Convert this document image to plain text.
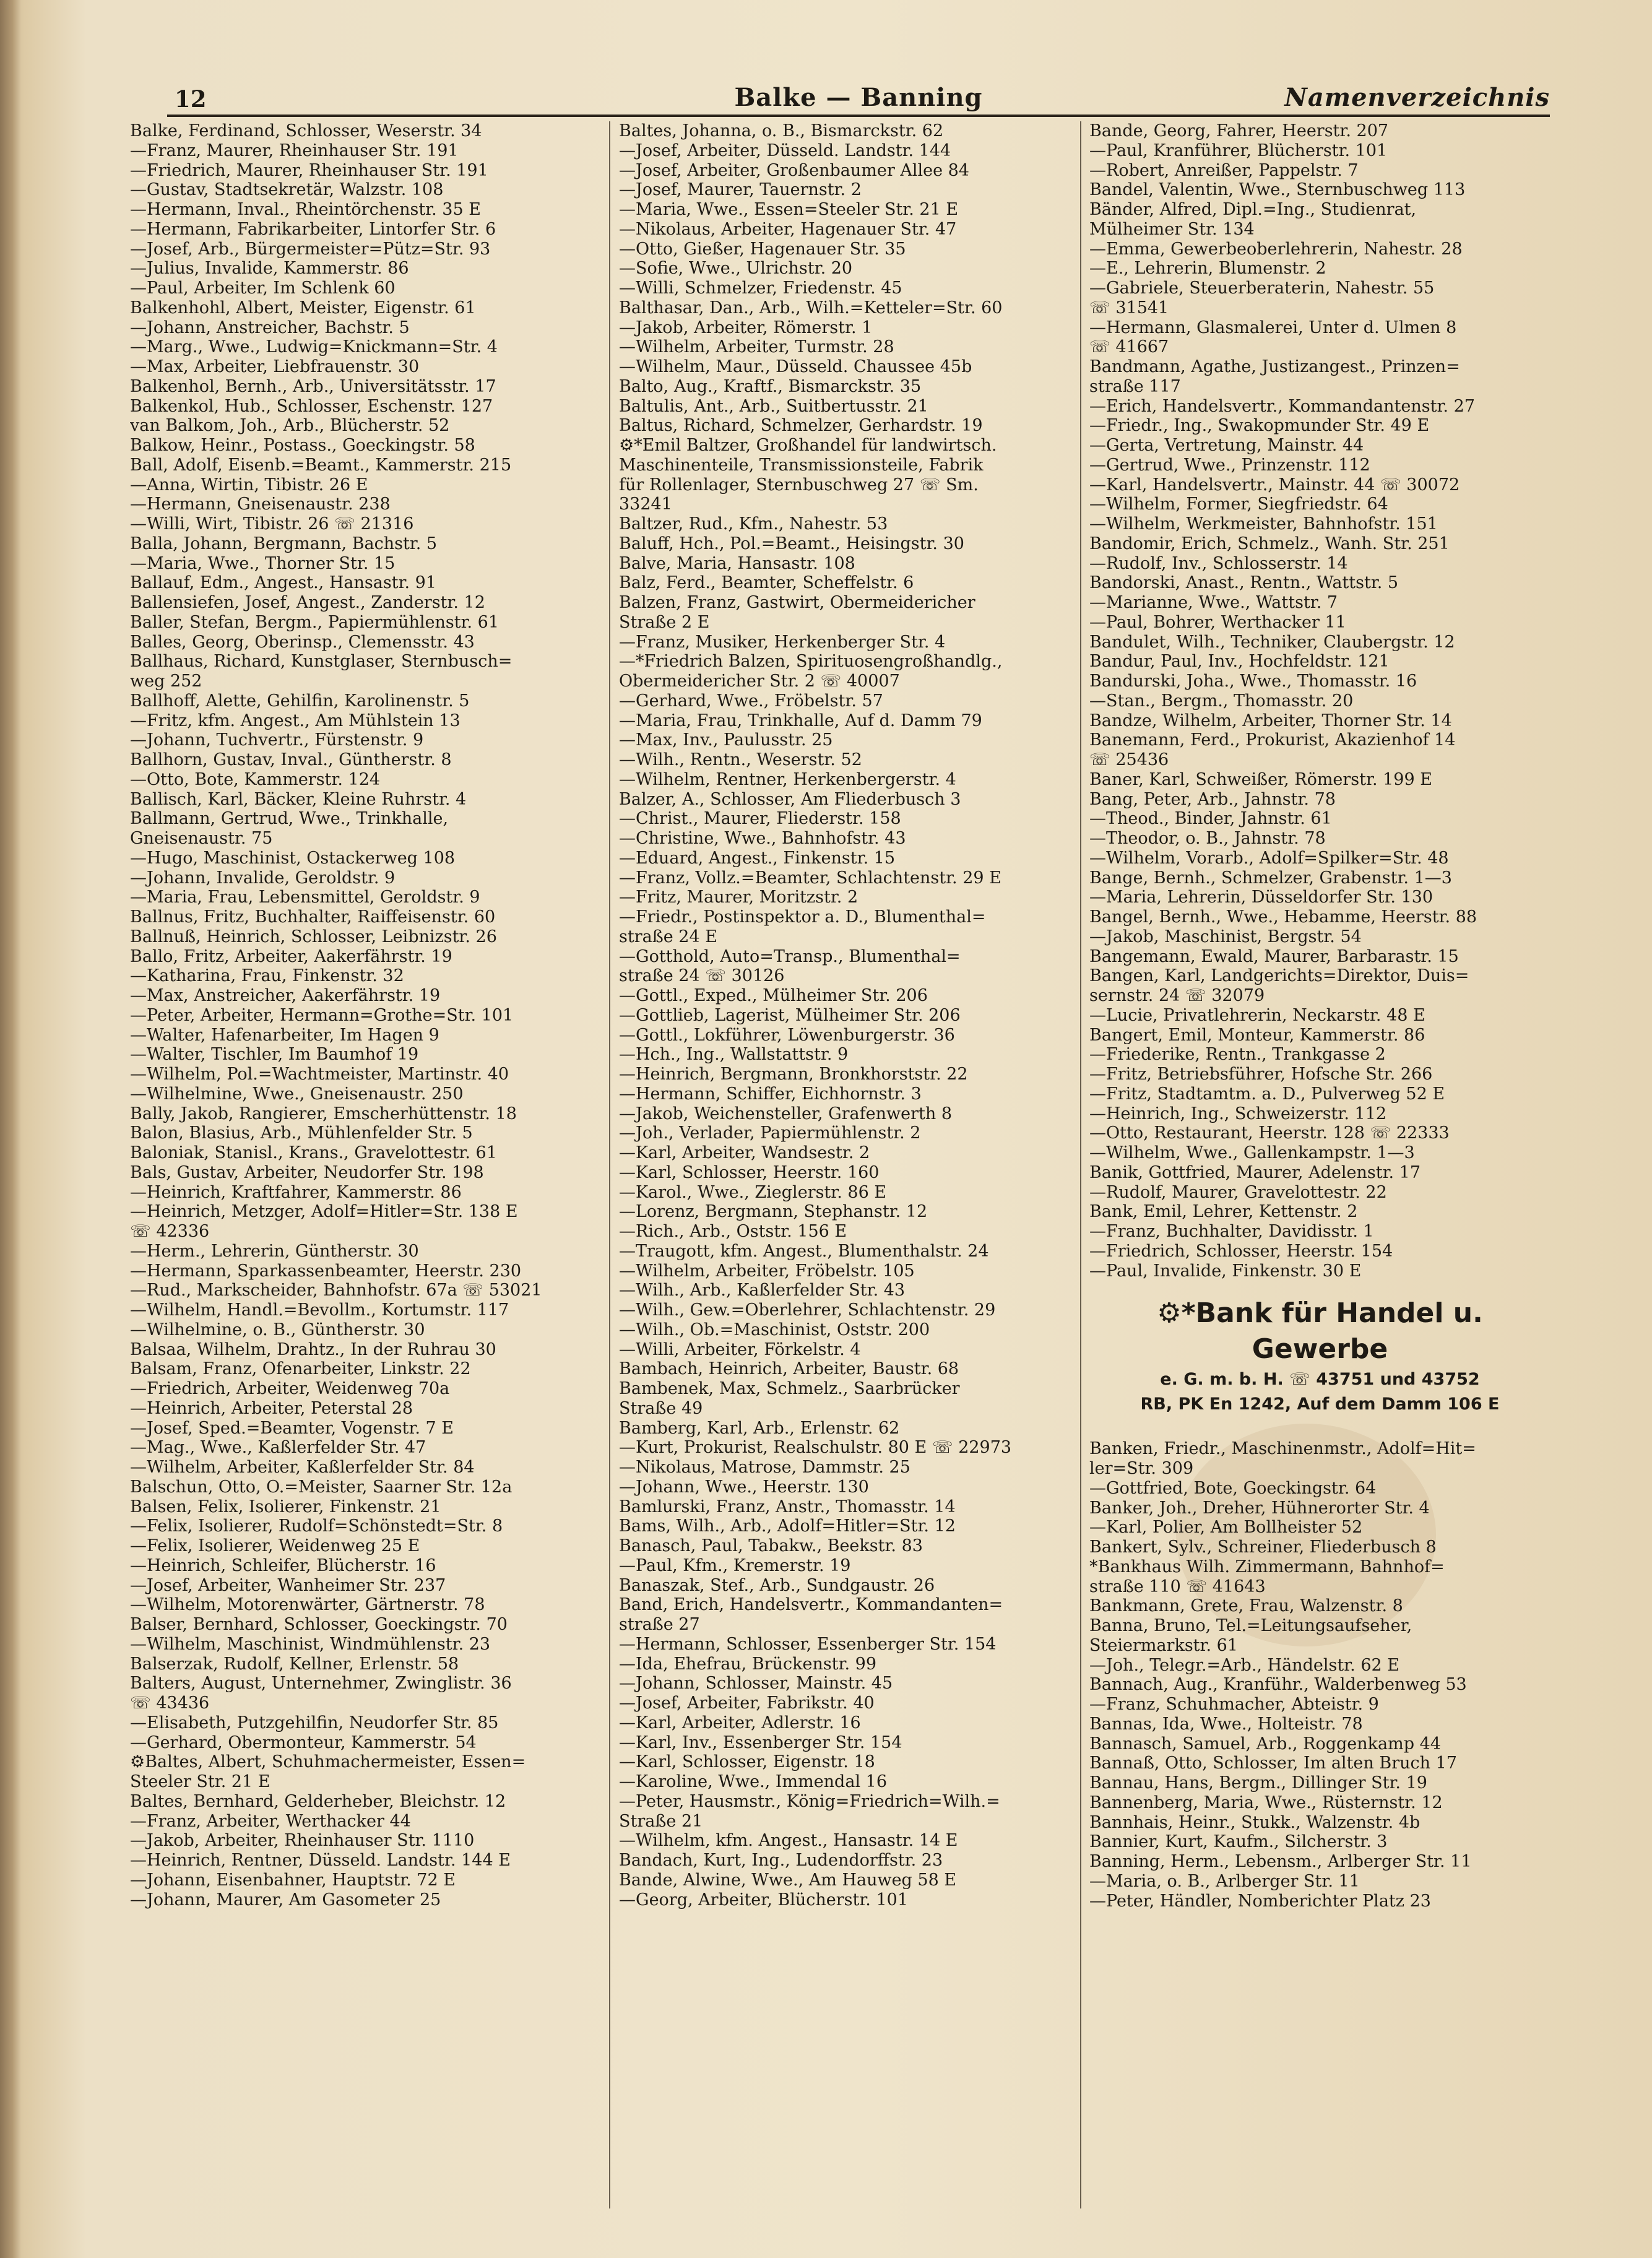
12	Balke — Banning	Namenverzeichnis
Balke, Ferdinand, Schlosser, Weserstr. 34
—Franz, Maurer, Rheinhauser Str. 191
—Friedrich, Maurer, Rheinhauser Str. 191
—Gustav, Stadtsekretär, Walzstr. 108
—Hermann, Inval., Rheintörchenstr. 35 E
—Hermann, Fabrikarbeiter, Lintorfer Str. 6
—Josef, Arb., Bürgermeister=Pütz=Str. 93
—Julius, Invalide, Kammerstr. 86
—Paul, Arbeiter, Im Schlenk 60
Balkenhohl, Albert, Meister, Eigenstr. 61
—Johann, Anstreicher, Bachstr. 5
—Marg., Wwe., Ludwig=Knickmann=Str. 4
—Max, Arbeiter, Liebfrauenstr. 30
Balkenhol, Bernh., Arb., Universitätsstr. 17
Balkenkol, Hub., Schlosser, Eschenstr. 127
van Balkom, Joh., Arb., Blücherstr. 52
Balkow, Heinr., Postass., Goeckingstr. 58
Ball, Adolf, Eisenb.=Beamt., Kammerstr. 215
—Anna, Wirtin, Tibistr. 26 E
—Hermann, Gneisenaustr. 238
—Willi, Wirt, Tibistr. 26 ☏ 21316
Balla, Johann, Bergmann, Bachstr. 5
—Maria, Wwe., Thorner Str. 15
Ballauf, Edm., Angest., Hansastr. 91
Ballensiefen, Josef, Angest., Zanderstr. 12
Baller, Stefan, Bergm., Papiermühlenstr. 61
Balles, Georg, Oberinsp., Clemensstr. 43
Ballhaus, Richard, Kunstglaser, Sternbusch=
weg 252
Ballhoff, Alette, Gehilfin, Karolinenstr. 5
—Fritz, kfm. Angest., Am Mühlstein 13
—Johann, Tuchvertr., Fürstenstr. 9
Ballhorn, Gustav, Inval., Güntherstr. 8
—Otto, Bote, Kammerstr. 124
Ballisch, Karl, Bäcker, Kleine Ruhrstr. 4
Ballmann, Gertrud, Wwe., Trinkhalle,
Gneisenaustr. 75
—Hugo, Maschinist, Ostackerweg 108
—Johann, Invalide, Geroldstr. 9
—Maria, Frau, Lebensmittel, Geroldstr. 9
Ballnus, Fritz, Buchhalter, Raiffeisenstr. 60
Ballnuß, Heinrich, Schlosser, Leibnizstr. 26
Ballo, Fritz, Arbeiter, Aakerfährstr. 19
—Katharina, Frau, Finkenstr. 32
—Max, Anstreicher, Aakerfährstr. 19
—Peter, Arbeiter, Hermann=Grothe=Str. 101
—Walter, Hafenarbeiter, Im Hagen 9
—Walter, Tischler, Im Baumhof 19
—Wilhelm, Pol.=Wachtmeister, Martinstr. 40
—Wilhelmine, Wwe., Gneisenaustr. 250
Bally, Jakob, Rangierer, Emscherhüttenstr. 18
Balon, Blasius, Arb., Mühlenfelder Str. 5
Baloniak, Stanisl., Krans., Gravelottestr. 61
Bals, Gustav, Arbeiter, Neudorfer Str. 198
—Heinrich, Kraftfahrer, Kammerstr. 86
—Heinrich, Metzger, Adolf=Hitler=Str. 138 E
☏ 42336
—Herm., Lehrerin, Güntherstr. 30
—Hermann, Sparkassenbeamter, Heerstr. 230
—Rud., Markscheider, Bahnhofstr. 67a ☏ 53021
—Wilhelm, Handl.=Bevollm., Kortumstr. 117
—Wilhelmine, o. B., Güntherstr. 30
Balsaa, Wilhelm, Drahtz., In der Ruhrau 30
Balsam, Franz, Ofenarbeiter, Linkstr. 22
—Friedrich, Arbeiter, Weidenweg 70a
—Heinrich, Arbeiter, Peterstal 28
—Josef, Sped.=Beamter, Vogenstr. 7 E
—Mag., Wwe., Kaßlerfelder Str. 47
—Wilhelm, Arbeiter, Kaßlerfelder Str. 84
Balschun, Otto, O.=Meister, Saarner Str. 12a
Balsen, Felix, Isolierer, Finkenstr. 21
—Felix, Isolierer, Rudolf=Schönstedt=Str. 8
—Felix, Isolierer, Weidenweg 25 E
—Heinrich, Schleifer, Blücherstr. 16
—Josef, Arbeiter, Wanheimer Str. 237
—Wilhelm, Motorenwärter, Gärtnerstr. 78
Balser, Bernhard, Schlosser, Goeckingstr. 70
—Wilhelm, Maschinist, Windmühlenstr. 23
Balserzak, Rudolf, Kellner, Erlenstr. 58
Balters, August, Unternehmer, Zwinglistr. 36
☏ 43436
—Elisabeth, Putzgehilfin, Neudorfer Str. 85
—Gerhard, Obermonteur, Kammerstr. 54
⚙Baltes, Albert, Schuhmachermeister, Essen=
Steeler Str. 21 E
Baltes, Bernhard, Gelderheber, Bleichstr. 12
—Franz, Arbeiter, Werthacker 44
—Jakob, Arbeiter, Rheinhauser Str. 1110
—Heinrich, Rentner, Düsseld. Landstr. 144 E
—Johann, Eisenbahner, Hauptstr. 72 E
—Johann, Maurer, Am Gasometer 25
Baltes, Johanna, o. B., Bismarckstr. 62
—Josef, Arbeiter, Düsseld. Landstr. 144
—Josef, Arbeiter, Großenbaumer Allee 84
—Josef, Maurer, Tauernstr. 2
—Maria, Wwe., Essen=Steeler Str. 21 E
—Nikolaus, Arbeiter, Hagenauer Str. 47
—Otto, Gießer, Hagenauer Str. 35
—Sofie, Wwe., Ulrichstr. 20
—Willi, Schmelzer, Friedenstr. 45
Balthasar, Dan., Arb., Wilh.=Ketteler=Str. 60
—Jakob, Arbeiter, Römerstr. 1
—Wilhelm, Arbeiter, Turmstr. 28
—Wilhelm, Maur., Düsseld. Chaussee 45b
Balto, Aug., Kraftf., Bismarckstr. 35
Baltulis, Ant., Arb., Suitbertusstr. 21
Baltus, Richard, Schmelzer, Gerhardstr. 19
⚙*Emil Baltzer, Großhandel für landwirtsch.
Maschinenteile, Transmissionsteile, Fabrik
für Rollenlager, Sternbuschweg 27 ☏ Sm.
33241
Baltzer, Rud., Kfm., Nahestr. 53
Baluff, Hch., Pol.=Beamt., Heisingstr. 30
Balve, Maria, Hansastr. 108
Balz, Ferd., Beamter, Scheffelstr. 6
Balzen, Franz, Gastwirt, Obermeidericher
Straße 2 E
—Franz, Musiker, Herkenberger Str. 4
—*Friedrich Balzen, Spirituosengroßhandlg.,
Obermeidericher Str. 2 ☏ 40007
—Gerhard, Wwe., Fröbelstr. 57
—Maria, Frau, Trinkhalle, Auf d. Damm 79
—Max, Inv., Paulusstr. 25
—Wilh., Rentn., Weserstr. 52
—Wilhelm, Rentner, Herkenbergerstr. 4
Balzer, A., Schlosser, Am Fliederbusch 3
—Christ., Maurer, Fliederstr. 158
—Christine, Wwe., Bahnhofstr. 43
—Eduard, Angest., Finkenstr. 15
—Franz, Vollz.=Beamter, Schlachtenstr. 29 E
—Fritz, Maurer, Moritzstr. 2
—Friedr., Postinspektor a. D., Blumenthal=
straße 24 E
—Gotthold, Auto=Transp., Blumenthal=
straße 24 ☏ 30126
—Gottl., Exped., Mülheimer Str. 206
—Gottlieb, Lagerist, Mülheimer Str. 206
—Gottl., Lokführer, Löwenburgerstr. 36
—Hch., Ing., Wallstattstr. 9
—Heinrich, Bergmann, Bronkhorststr. 22
—Hermann, Schiffer, Eichhornstr. 3
—Jakob, Weichensteller, Grafenwerth 8
—Joh., Verlader, Papiermühlenstr. 2
—Karl, Arbeiter, Wandsestr. 2
—Karl, Schlosser, Heerstr. 160
—Karol., Wwe., Zieglerstr. 86 E
—Lorenz, Bergmann, Stephanstr. 12
—Rich., Arb., Oststr. 156 E
—Traugott, kfm. Angest., Blumenthalstr. 24
—Wilhelm, Arbeiter, Fröbelstr. 105
—Wilh., Arb., Kaßlerfelder Str. 43
—Wilh., Gew.=Oberlehrer, Schlachtenstr. 29
—Wilh., Ob.=Maschinist, Oststr. 200
—Willi, Arbeiter, Förkelstr. 4
Bambach, Heinrich, Arbeiter, Baustr. 68
Bambenek, Max, Schmelz., Saarbrücker
Straße 49
Bamberg, Karl, Arb., Erlenstr. 62
—Kurt, Prokurist, Realschulstr. 80 E ☏ 22973
—Nikolaus, Matrose, Dammstr. 25
—Johann, Wwe., Heerstr. 130
Bamlurski, Franz, Anstr., Thomasstr. 14
Bams, Wilh., Arb., Adolf=Hitler=Str. 12
Banasch, Paul, Tabakw., Beekstr. 83
—Paul, Kfm., Kremerstr. 19
Banaszak, Stef., Arb., Sundgaustr. 26
Band, Erich, Handelsvertr., Kommandanten=
straße 27
—Hermann, Schlosser, Essenberger Str. 154
—Ida, Ehefrau, Brückenstr. 99
—Johann, Schlosser, Mainstr. 45
—Josef, Arbeiter, Fabrikstr. 40
—Karl, Arbeiter, Adlerstr. 16
—Karl, Inv., Essenberger Str. 154
—Karl, Schlosser, Eigenstr. 18
—Karoline, Wwe., Immendal 16
—Peter, Hausmstr., König=Friedrich=Wilh.=
Straße 21
—Wilhelm, kfm. Angest., Hansastr. 14 E
Bandach, Kurt, Ing., Ludendorffstr. 23
Bande, Alwine, Wwe., Am Hauweg 58 E
—Georg, Arbeiter, Blücherstr. 101
Bande, Georg, Fahrer, Heerstr. 207
—Paul, Kranführer, Blücherstr. 101
—Robert, Anreißer, Pappelstr. 7
Bandel, Valentin, Wwe., Sternbuschweg 113
Bänder, Alfred, Dipl.=Ing., Studienrat,
Mülheimer Str. 134
—Emma, Gewerbeoberlehrerin, Nahestr. 28
—E., Lehrerin, Blumenstr. 2
—Gabriele, Steuerberaterin, Nahestr. 55
☏ 31541
—Hermann, Glasmalerei, Unter d. Ulmen 8
☏ 41667
Bandmann, Agathe, Justizangest., Prinzen=
straße 117
—Erich, Handelsvertr., Kommandantenstr. 27
—Friedr., Ing., Swakopmunder Str. 49 E
—Gerta, Vertretung, Mainstr. 44
—Gertrud, Wwe., Prinzenstr. 112
—Karl, Handelsvertr., Mainstr. 44 ☏ 30072
—Wilhelm, Former, Siegfriedstr. 64
—Wilhelm, Werkmeister, Bahnhofstr. 151
Bandomir, Erich, Schmelz., Wanh. Str. 251
—Rudolf, Inv., Schlosserstr. 14
Bandorski, Anast., Rentn., Wattstr. 5
—Marianne, Wwe., Wattstr. 7
—Paul, Bohrer, Werthacker 11
Bandulet, Wilh., Techniker, Claubergstr. 12
Bandur, Paul, Inv., Hochfeldstr. 121
Bandurski, Joha., Wwe., Thomasstr. 16
—Stan., Bergm., Thomasstr. 20
Bandze, Wilhelm, Arbeiter, Thorner Str. 14
Banemann, Ferd., Prokurist, Akazienhof 14
☏ 25436
Baner, Karl, Schweißer, Römerstr. 199 E
Bang, Peter, Arb., Jahnstr. 78
—Theod., Binder, Jahnstr. 61
—Theodor, o. B., Jahnstr. 78
—Wilhelm, Vorarb., Adolf=Spilker=Str. 48
Bange, Bernh., Schmelzer, Grabenstr. 1—3
—Maria, Lehrerin, Düsseldorfer Str. 130
Bangel, Bernh., Wwe., Hebamme, Heerstr. 88
—Jakob, Maschinist, Bergstr. 54
Bangemann, Ewald, Maurer, Barbarastr. 15
Bangen, Karl, Landgerichts=Direktor, Duis=
sernstr. 24 ☏ 32079
—Lucie, Privatlehrerin, Neckarstr. 48 E
Bangert, Emil, Monteur, Kammerstr. 86
—Friederike, Rentn., Trankgasse 2
—Fritz, Betriebsführer, Hofsche Str. 266
—Fritz, Stadtamtm. a. D., Pulverweg 52 E
—Heinrich, Ing., Schweizerstr. 112
—Otto, Restaurant, Heerstr. 128 ☏ 22333
—Wilhelm, Wwe., Gallenkampstr. 1—3
Banik, Gottfried, Maurer, Adelenstr. 17
—Rudolf, Maurer, Gravelottestr. 22
Bank, Emil, Lehrer, Kettenstr. 2
—Franz, Buchhalter, Davidisstr. 1
—Friedrich, Schlosser, Heerstr. 154
—Paul, Invalide, Finkenstr. 30 E
⚙*Bank für Handel u. Gewerbe
e. G. m. b. H. ☏ 43751 und 43752
RB, PK En 1242, Auf dem Damm 106 E
Banken, Friedr., Maschinenmstr., Adolf=Hit=
ler=Str. 309
—Gottfried, Bote, Goeckingstr. 64
Banker, Joh., Dreher, Hühnerorter Str. 4
—Karl, Polier, Am Bollheister 52
Bankert, Sylv., Schreiner, Fliederbusch 8
*Bankhaus Wilh. Zimmermann, Bahnhof=
straße 110 ☏ 41643
Bankmann, Grete, Frau, Walzenstr. 8
Banna, Bruno, Tel.=Leitungsaufseher,
Steiermarkstr. 61
—Joh., Telegr.=Arb., Händelstr. 62 E
Bannach, Aug., Kranführ., Walderbenweg 53
—Franz, Schuhmacher, Abteistr. 9
Bannas, Ida, Wwe., Holteistr. 78
Bannasch, Samuel, Arb., Roggenkamp 44
Bannaß, Otto, Schlosser, Im alten Bruch 17
Bannau, Hans, Bergm., Dillinger Str. 19
Bannenberg, Maria, Wwe., Rüsternstr. 12
Bannhais, Heinr., Stukk., Walzenstr. 4b
Bannier, Kurt, Kaufm., Silcherstr. 3
Banning, Herm., Lebensm., Arlberger Str. 11
—Maria, o. B., Arlberger Str. 11
—Peter, Händler, Nomberichter Platz 23
